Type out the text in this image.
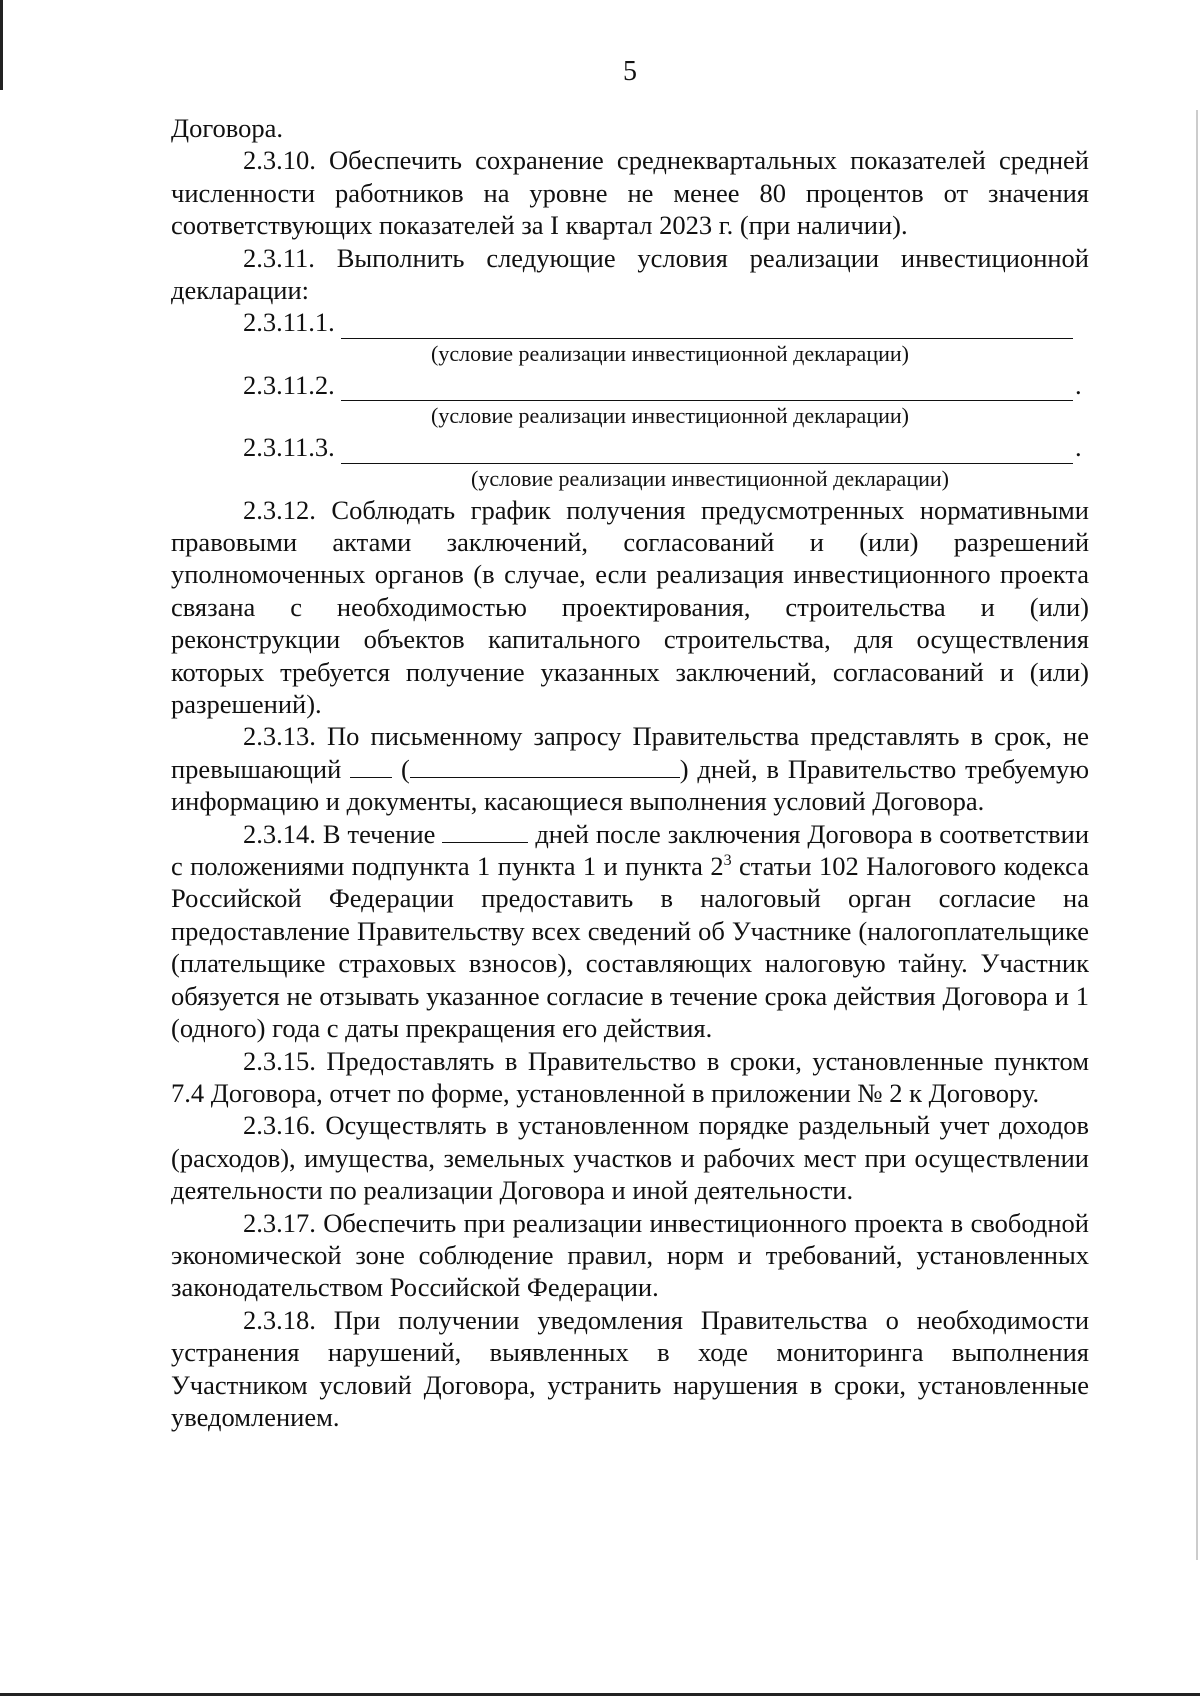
5

Договора.

2.3.10. Обеспечить сохранение среднеквартальных показателей средней численности работников на уровне не менее 80 процентов от значения соответствующих показателей за I квартал 2023 г. (при наличии).

2.3.11. Выполнить следующие условия реализации инвестиционной декларации:

2.3.11.1.

(условие реализации инвестиционной декларации)

2.3.11.2.	.

(условие реализации инвестиционной декларации)

2.3.11.3.	.

(условие реализации инвестиционной декларации)

2.3.12. Соблюдать график получения предусмотренных нормативными правовыми актами заключений, согласований и (или) разрешений уполномоченных органов (в случае, если реализация инвестиционного проекта связана с необходимостью проектирования, строительства и (или) реконструкции объектов капитального строительства, для осуществления которых требуется получение указанных заключений, согласований и (или) разрешений).

2.3.13. По письменному запросу Правительства представлять в срок, не превышающий (	) дней, в Правительство требуемую информацию и документы, касающиеся выполнения условий Договора.

2.3.14. В течение	дней после заключения Договора в соответствии с положениями подпункта 1 пункта 1 и пункта $2^3$ статьи 102 Налогового кодекса Российской Федерации предоставить в налоговый орган согласие на предоставление Правительству всех сведений об Участнике (налогоплательщике (плательщике страховых взносов), составляющих налоговую тайну. Участник обязуется не отзывать указанное согласие в течение срока действия Договора и 1 (одного) года с даты прекращения его действия.

2.3.15. Предоставлять в Правительство в сроки, установленные пунктом 7.4 Договора, отчет по форме, установленной в приложении № 2 к Договору.

2.3.16. Осуществлять в установленном порядке раздельный учет доходов (расходов), имущества, земельных участков и рабочих мест при осуществлении деятельности по реализации Договора и иной деятельности.

2.3.17. Обеспечить при реализации инвестиционного проекта в свободной экономической зоне соблюдение правил, норм и требований, установленных законодательством Российской Федерации.

2.3.18. При получении уведомления Правительства о необходимости устранения нарушений, выявленных в ходе мониторинга выполнения Участником условий Договора, устранить нарушения в сроки, установленные уведомлением.
